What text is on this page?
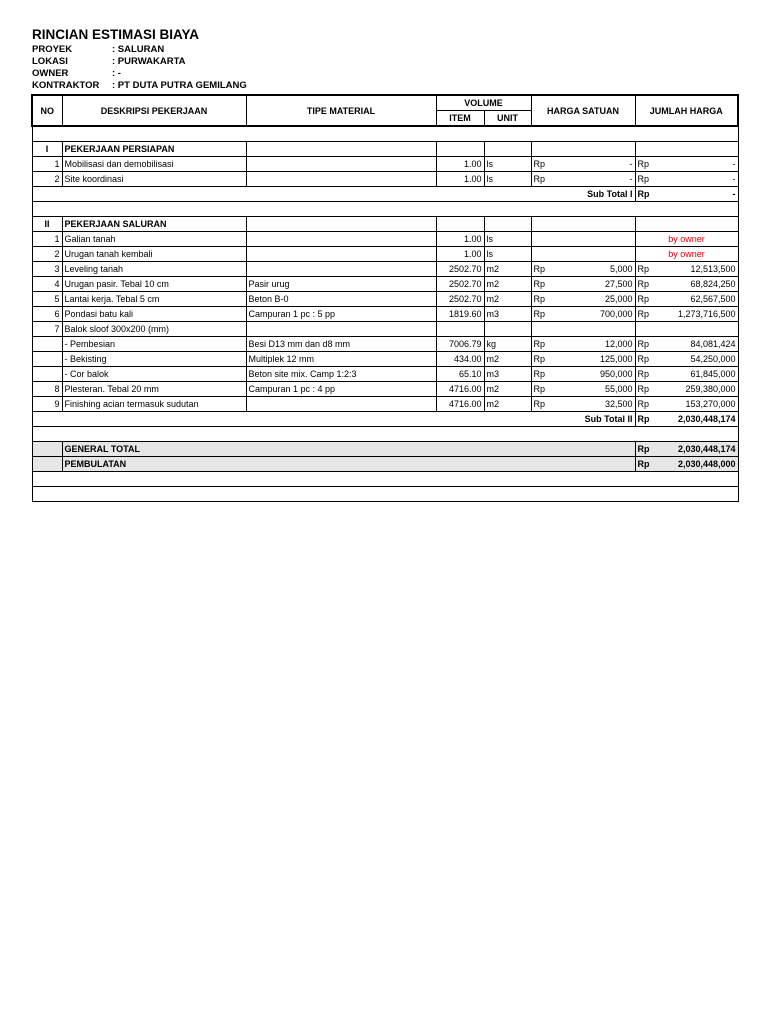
RINCIAN ESTIMASI BIAYA
PROYEK	: SALURAN
LOKASI	: PURWAKARTA
OWNER	: -
KONTRAKTOR : PT DUTA PUTRA GEMILANG
NO	DESKRIPSI PEKERJAAN	TIPE MATERIAL	VOLUME		HARGA SATUAN	JUMLAH HARGA
			ITEM	UNIT		

I	PEKERJAAN PERSIAPAN					
1	Mobilisasi dan demobilisasi		1.00	ls	Rp -	Rp -

2	Site koordinasi		1.00	ls	Rp -	Rp -

Sub Total I						Rp -

II	PEKERJAAN SALURAN					
1	Galian tanah		1.00	ls		by owner
2	Urugan tanah kembali		1.00	ls		by owner
3	Leveling tanah		2502.70	m2	Rp 5,000	Rp 12,513,500

4	Urugan pasir. Tebal 10 cm	Pasir urug	2502.70	m2	Rp 27,500	Rp 68,824,250

5	Lantai kerja. Tebal 5 cm	Beton B-0	2502.70	m2	Rp 25,000	Rp 62,567,500

6	Pondasi batu kali	Campuran 1 pc : 5 pp	1819.60	m3	Rp 700,000	Rp 1,273,716,500

7	Balok sloof 300x200 (mm)					
	- Pembesian	Besi D13 mm dan d8 mm	7006.79	kg	Rp 12,000	Rp 84,081,424

	- Bekisting	Multiplek 12 mm	434.00	m2	Rp 125,000	Rp 54,250,000

	- Cor balok	Beton site mix. Camp 1:2:3	65.10	m3	Rp 950,000	Rp 61,845,000

8	Plesteran. Tebal 20 mm	Campuran 1 pc : 4 pp	4716.00	m2	Rp 55,000	Rp 259,380,000

9	Finishing acian termasuk sudutan		4716.00	m2	Rp 32,500	Rp 153,270,000

Sub Total II						Rp 2,030,448,174

	GENERAL TOTAL					Rp 2,030,448,174

	PEMBULATAN					Rp 2,030,448,000
